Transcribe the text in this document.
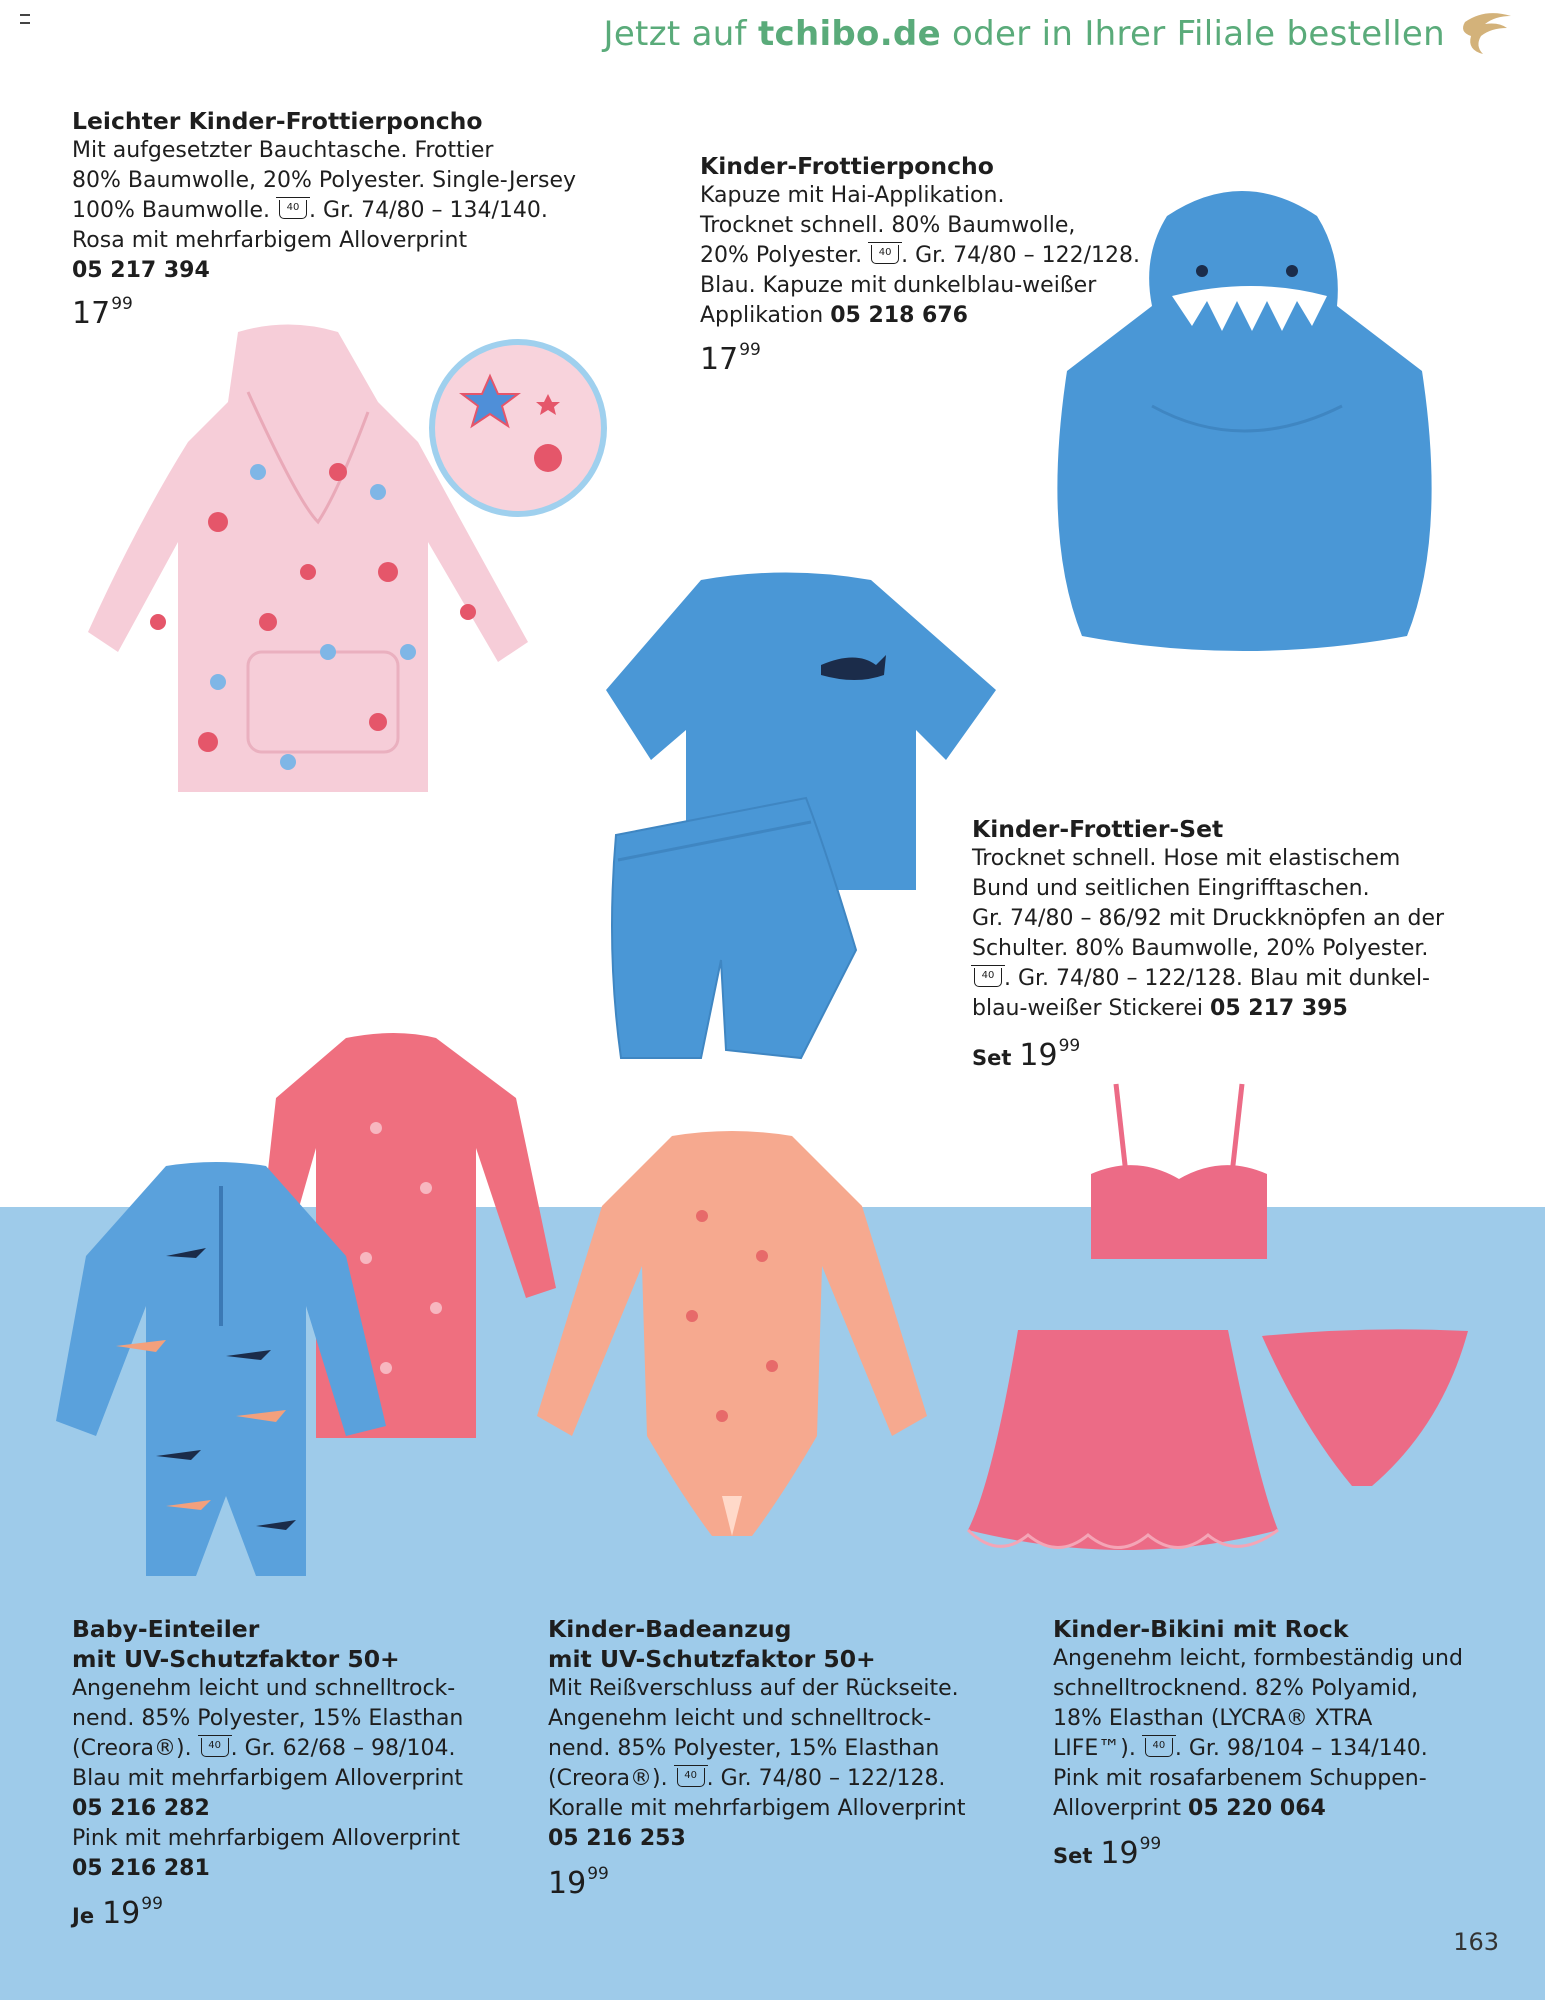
Jetzt auf tchibo.de oder in Ihrer Filiale bestellen
Leichter Kinder-Frottierponcho
Mit aufgesetzter Bauchtasche. Frottier
80% Baumwolle, 20% Polyester. Single-Jersey
100% Baumwolle. 40 . Gr. 74/80 – 134/140.
Rosa mit mehrfarbigem Alloverprint
05 217 394
$17^{99}$
Kinder-Frottierponcho
Kapuze mit Hai-Applikation.
Trocknet schnell. 80% Baumwolle,
20% Polyester. 40 . Gr. 74/80 – 122/128.
Blau. Kapuze mit dunkelblau-weißer
Applikation 05 218 676
$17^{99}$
Kinder-Frottier-Set
Trocknet schnell. Hose mit elastischem
Bund und seitlichen Eingrifftaschen.
Gr. 74/80 – 86/92 mit Druckknöpfen an der
Schulter. 80% Baumwolle, 20% Polyester.
40 . Gr. 74/80 – 122/128. Blau mit dunkel-
blau-weißer Stickerei 05 217 395
Set $19^{99}$
Baby-Einteiler
mit UV-Schutzfaktor 50+
Angenehm leicht und schnelltrock-
nend. 85% Polyester, 15% Elasthan
(Creora®). 40 . Gr. 62/68 – 98/104.
Blau mit mehrfarbigem Alloverprint
05 216 282
Pink mit mehrfarbigem Alloverprint
05 216 281
Je $19^{99}$
Kinder-Badeanzug
mit UV-Schutzfaktor 50+
Mit Reißverschluss auf der Rückseite.
Angenehm leicht und schnelltrock-
nend. 85% Polyester, 15% Elasthan
(Creora®). 40 . Gr. 74/80 – 122/128.
Koralle mit mehrfarbigem Alloverprint
05 216 253
$19^{99}$
Kinder-Bikini mit Rock
Angenehm leicht, formbeständig und
schnelltrocknend. 82% Polyamid,
18% Elasthan (LYCRA® XTRA
LIFE™). 40 . Gr. 98/104 – 134/140.
Pink mit rosafarbenem Schuppen-
Alloverprint 05 220 064
Set $19^{99}$
163
